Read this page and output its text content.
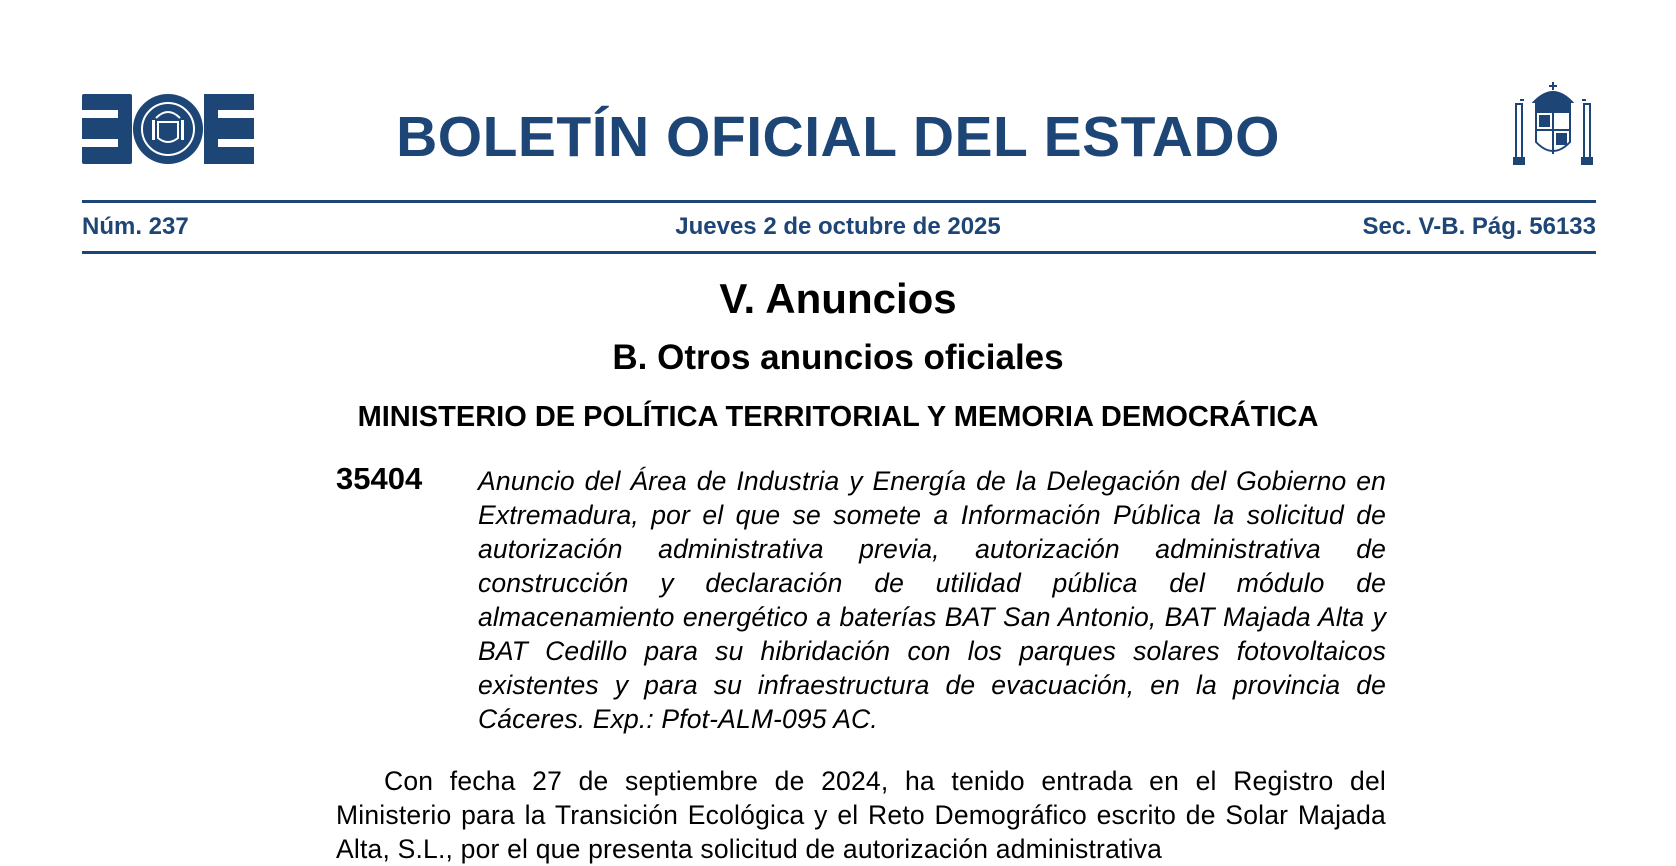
BOLETÍN OFICIAL DEL ESTADO
Núm. 237	Jueves 2 de octubre de 2025	Sec. V-B. Pág. 56133
V. Anuncios
B. Otros anuncios oficiales
MINISTERIO DE POLÍTICA TERRITORIAL Y MEMORIA DEMOCRÁTICA
35404 Anuncio del Área de Industria y Energía de la Delegación del Gobierno en Extremadura, por el que se somete a Información Pública la solicitud de autorización administrativa previa, autorización administrativa de construcción y declaración de utilidad pública del módulo de almacenamiento energético a baterías BAT San Antonio, BAT Majada Alta y BAT Cedillo para su hibridación con los parques solares fotovoltaicos existentes y para su infraestructura de evacuación, en la provincia de Cáceres. Exp.: Pfot-ALM-095 AC.
Con fecha 27 de septiembre de 2024, ha tenido entrada en el Registro del Ministerio para la Transición Ecológica y el Reto Demográfico escrito de Solar Majada Alta, S.L., por el que presenta solicitud de autorización administrativa
